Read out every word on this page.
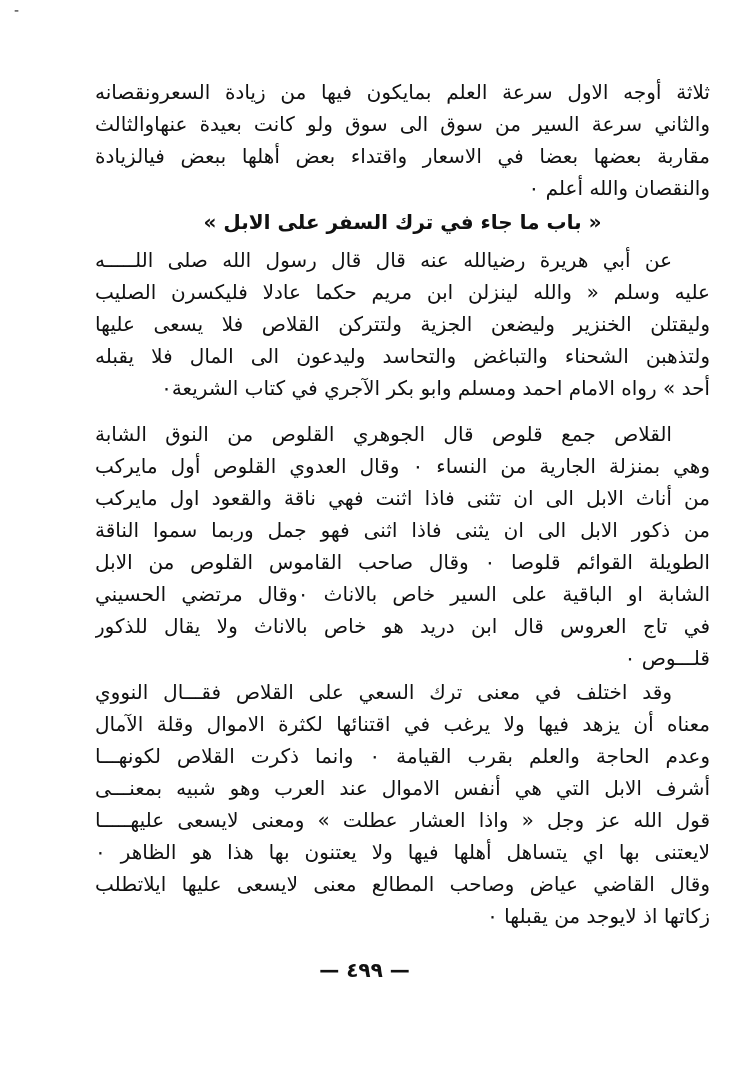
-
ثلاثة أوجه الاول سرعة العلم بمايكون فيها من زيادة السعرونقصانه
والثاني سرعة السير من سوق الى سوق ولو كانت بعيدة عنهاوالثالث
مقاربة بعضها بعضا في الاسعار واقتداء بعض أهلها ببعض فيالزيادة
والنقصان والله أعلم ٠
« باب ما جاء في ترك السفر على الابل »
عن أبي هريرة رضيالله عنه قال قال رسول الله صلى اللـــــه
عليه وسلم « والله لينزلن ابن مريم حكما عادلا فليكسرن الصليب
وليقتلن الخنزير وليضعن الجزية ولتتركن القلاص فلا يسعى عليها
ولتذهبن الشحناء والتباغض والتحاسد وليدعون الى المال فلا يقبله
أحد » رواه الامام احمد ومسلم وابو بكر الآجري في كتاب الشريعة٠
القلاص جمع قلوص قال الجوهري القلوص من النوق الشابة
وهي بمنزلة الجارية من النساء ٠ وقال العدوي القلوص أول مايركب
من أناث الابل الى ان تثنى فاذا اثنت فهي ناقة والقعود اول مايركب
من ذكور الابل الى ان يثنى فاذا اثنى فهو جمل وربما سموا الناقة
الطويلة القوائم قلوصا ٠ وقال صاحب القاموس القلوص من الابل
الشابة او الباقية على السير خاص بالاناث ٠وقال مرتضي الحسيني
في تاج العروس قال ابن دريد هو خاص بالاناث ولا يقال للذكور
قلـــوص ٠
وقد اختلف في معنى ترك السعي على القلاص فقـــال النووي
معناه أن يزهد فيها ولا يرغب في اقتنائها لكثرة الاموال وقلة الآمال
وعدم الحاجة والعلم بقرب القيامة ٠ وانما ذكرت القلاص لكونهـــا
أشرف الابل التي هي أنفس الاموال عند العرب وهو شبيه بمعنـــى
قول الله عز وجل « واذا العشار عطلت » ومعنى لايسعى عليهـــــا
لايعتنى بها اي يتساهل أهلها فيها ولا يعتنون بها هذا هو الظاهر ٠
وقال القاضي عياض وصاحب المطالع معنى لايسعى عليها ايلاتطلب
زكاتها اذ لايوجد من يقبلها ٠
— ٤٩٩ —
